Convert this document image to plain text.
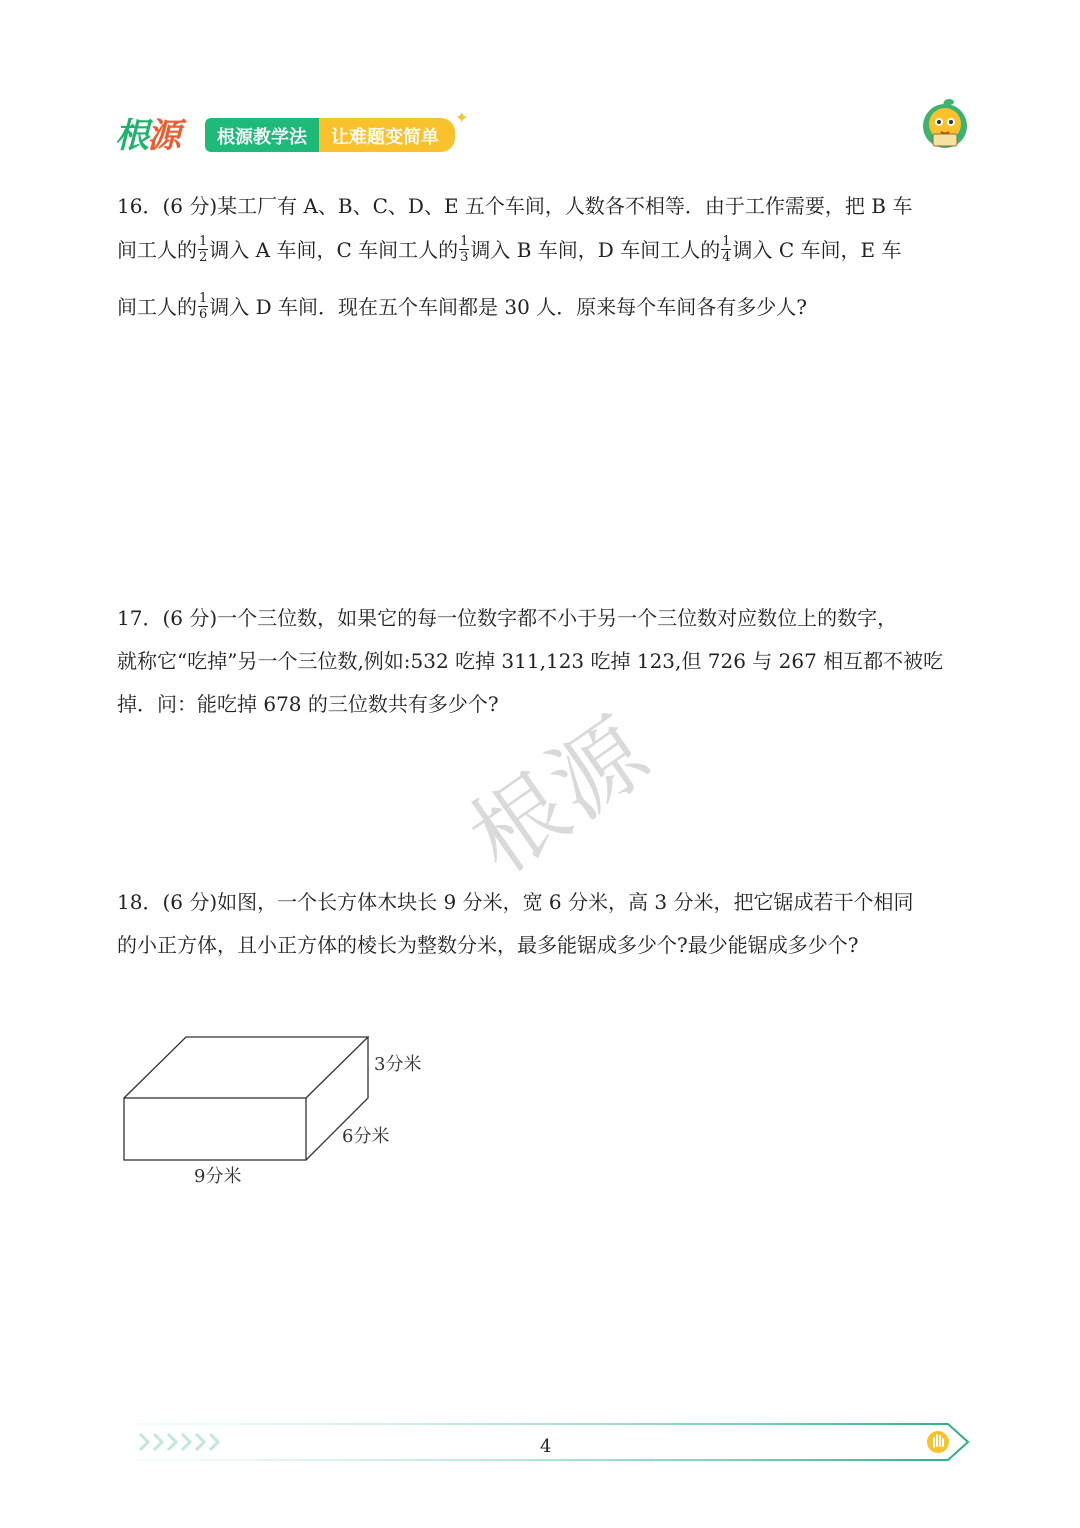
根源	根源教学法	让难题变简单
✦
16．(6 分)某工厂有 A、B、C、D、E 五个车间，人数各不相等．由于工作需要，把 B 车
间工人的 $\frac{1}{2}$ 调入 A 车间，C 车间工人的 $\frac{1}{3}$ 调入 B 车间，D 车间工人的 $\frac{1}{4}$ 调入 C 车间，E 车
间工人的 $\frac{1}{6}$ 调入 D 车间．现在五个车间都是 30 人．原来每个车间各有多少人?
17．(6 分)一个三位数，如果它的每一位数字都不小于另一个三位数对应数位上的数字，
就称它“吃掉”另一个三位数,例如:532 吃掉 311,123 吃掉 123,但 726 与 267 相互都不被吃
掉．问：能吃掉 678 的三位数共有多少个?
根源
18．(6 分)如图，一个长方体木块长 9 分米，宽 6 分米，高 3 分米，把它锯成若干个相同
的小正方体，且小正方体的棱长为整数分米，最多能锯成多少个?最少能锯成多少个?
3分米
6分米
9分米
4
